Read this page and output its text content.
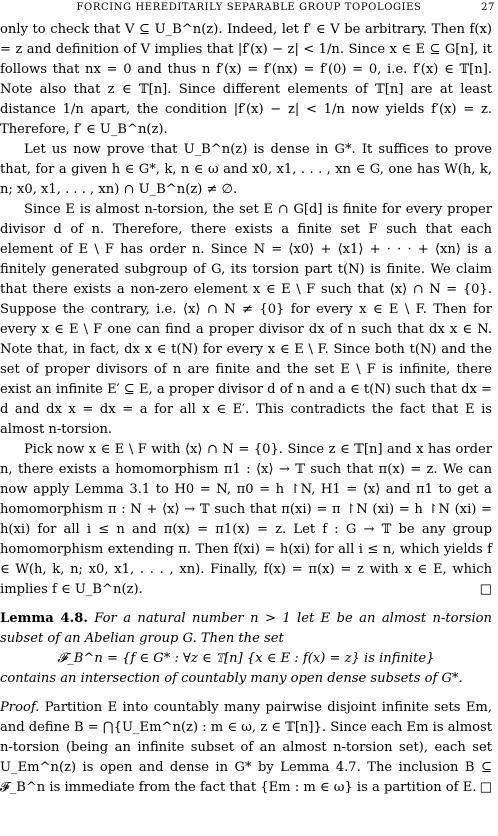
FORCING HEREDITARILY SEPARABLE GROUP TOPOLOGIES	27

only to check that V ⊆ U_B^n(z). Indeed, let f′ ∈ V be arbitrary. Then f(x) = z and definition of V implies that |f′(x) − z| < 1/n. Since x ∈ E ⊆ G[n], it follows that nx = 0 and thus n f′(x) = f′(nx) = f′(0) = 0, i.e. f′(x) ∈ 𝕋[n]. Note also that z ∈ 𝕋[n]. Since different elements of 𝕋[n] are at least distance 1/n apart, the condition |f′(x) − z| < 1/n now yields f′(x) = z. Therefore, f′ ∈ U_B^n(z).

Let us now prove that U_B^n(z) is dense in G*. It suffices to prove that, for a given h ∈ G*, k, n ∈ ω and x0, x1, . . . , xn ∈ G, one has W(h, k, n; x0, x1, . . . , xn) ∩ U_B^n(z) ≠ ∅.

Since E is almost n-torsion, the set E ∩ G[d] is finite for every proper divisor d of n. Therefore, there exists a finite set F such that each element of E \ F has order n. Since N = ⟨x0⟩ + ⟨x1⟩ + · · · + ⟨xn⟩ is a finitely generated subgroup of G, its torsion part t(N) is finite. We claim that there exists a non-zero element x ∈ E \ F such that ⟨x⟩ ∩ N = {0}. Suppose the contrary, i.e. ⟨x⟩ ∩ N ≠ {0} for every x ∈ E \ F. Then for every x ∈ E \ F one can find a proper divisor dx of n such that dx x ∈ N. Note that, in fact, dx x ∈ t(N) for every x ∈ E \ F. Since both t(N) and the set of proper divisors of n are finite and the set E \ F is infinite, there exist an infinite E′ ⊆ E, a proper divisor d of n and a ∈ t(N) such that dx = d and dx x = dx = a for all x ∈ E′. This contradicts the fact that E is almost n-torsion.

Pick now x ∈ E \ F with ⟨x⟩ ∩ N = {0}. Since z ∈ 𝕋[n] and x has order n, there exists a homomorphism π1 : ⟨x⟩ → 𝕋 such that π(x) = z. We can now apply Lemma 3.1 to H0 = N, π0 = h ↾N, H1 = ⟨x⟩ and π1 to get a homomorphism π : N + ⟨x⟩ → 𝕋 such that π(xi) = π ↾N (xi) = h ↾N (xi) = h(xi) for all i ≤ n and π(x) = π1(x) = z. Let f : G → 𝕋 be any group homomorphism extending π. Then f(xi) = h(xi) for all i ≤ n, which yields f ∈ W(h, k, n; x0, x1, . . . , xn). Finally, f(x) = π(x) = z with x ∈ E, which implies f ∈ U_B^n(z).	□

Lemma 4.8. For a natural number n > 1 let E be an almost n-torsion subset of an Abelian group G. Then the set

𝓕_B^n = {f ∈ G* : ∀z ∈ 𝕋[n] {x ∈ E : f(x) = z} is infinite}

contains an intersection of countably many open dense subsets of G*.

Proof. Partition E into countably many pairwise disjoint infinite sets Em, and define B = ⋂{U_Em^n(z) : m ∈ ω, z ∈ 𝕋[n]}. Since each Em is almost n-torsion (being an infinite subset of an almost n-torsion set), each set U_Em^n(z) is open and dense in G* by Lemma 4.7. The inclusion B ⊆ 𝓕_B^n is immediate from the fact that {Em : m ∈ ω} is a partition of E. □
